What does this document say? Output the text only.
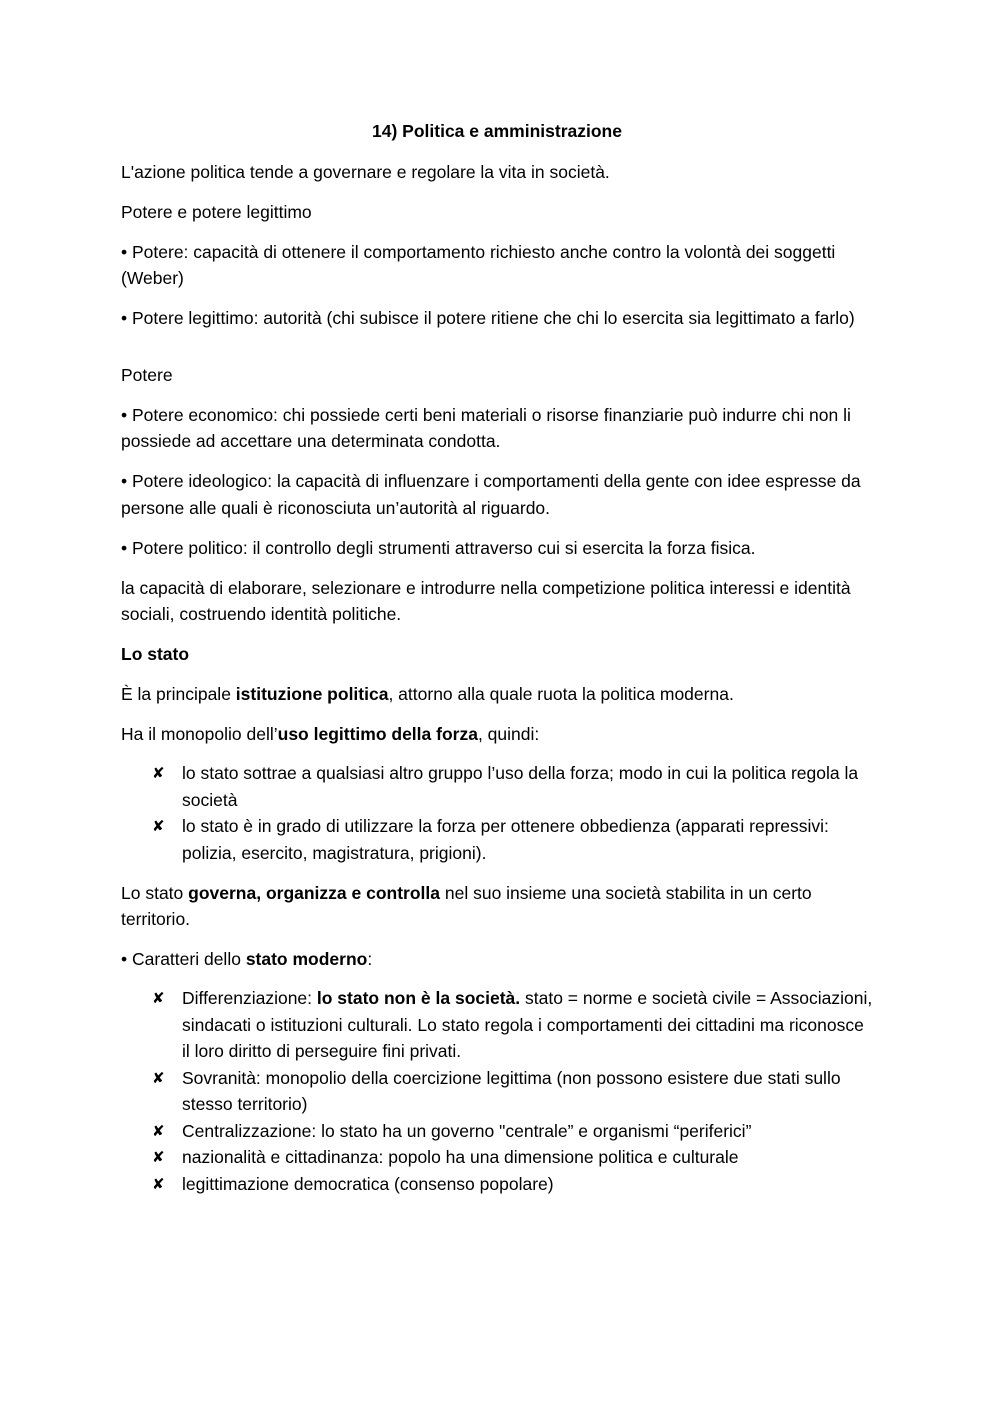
14) Politica e amministrazione

L'azione politica tende a governare e regolare la vita in società.

Potere e potere legittimo

• Potere: capacità di ottenere il comportamento richiesto anche contro la volontà dei soggetti (Weber)

• Potere legittimo: autorità (chi subisce il potere ritiene che chi lo esercita sia legittimato a farlo)

Potere

• Potere economico: chi possiede certi beni materiali o risorse finanziarie può indurre chi non li possiede ad accettare una determinata condotta.

• Potere ideologico: la capacità di influenzare i comportamenti della gente con idee espresse da persone alle quali è riconosciuta un’autorità al riguardo.

• Potere politico: il controllo degli strumenti attraverso cui si esercita la forza fisica.

la capacità di elaborare, selezionare e introdurre nella competizione politica interessi e identità sociali, costruendo identità politiche.

Lo stato

È la principale istituzione politica, attorno alla quale ruota la politica moderna.

Ha il monopolio dell’uso legittimo della forza, quindi:

✘ lo stato sottrae a qualsiasi altro gruppo l’uso della forza; modo in cui la politica regola la società
✘ lo stato è in grado di utilizzare la forza per ottenere obbedienza (apparati repressivi: polizia, esercito, magistratura, prigioni).

Lo stato governa, organizza e controlla nel suo insieme una società stabilita in un certo territorio.

• Caratteri dello stato moderno:

✘ Differenziazione: lo stato non è la società. stato = norme e società civile = Associazioni, sindacati o istituzioni culturali. Lo stato regola i comportamenti dei cittadini ma riconosce il loro diritto di perseguire fini privati.
✘ Sovranità: monopolio della coercizione legittima (non possono esistere due stati sullo stesso territorio)
✘ Centralizzazione: lo stato ha un governo "centrale” e organismi “periferici”
✘ nazionalità e cittadinanza: popolo ha una dimensione politica e culturale
✘ legittimazione democratica (consenso popolare)
